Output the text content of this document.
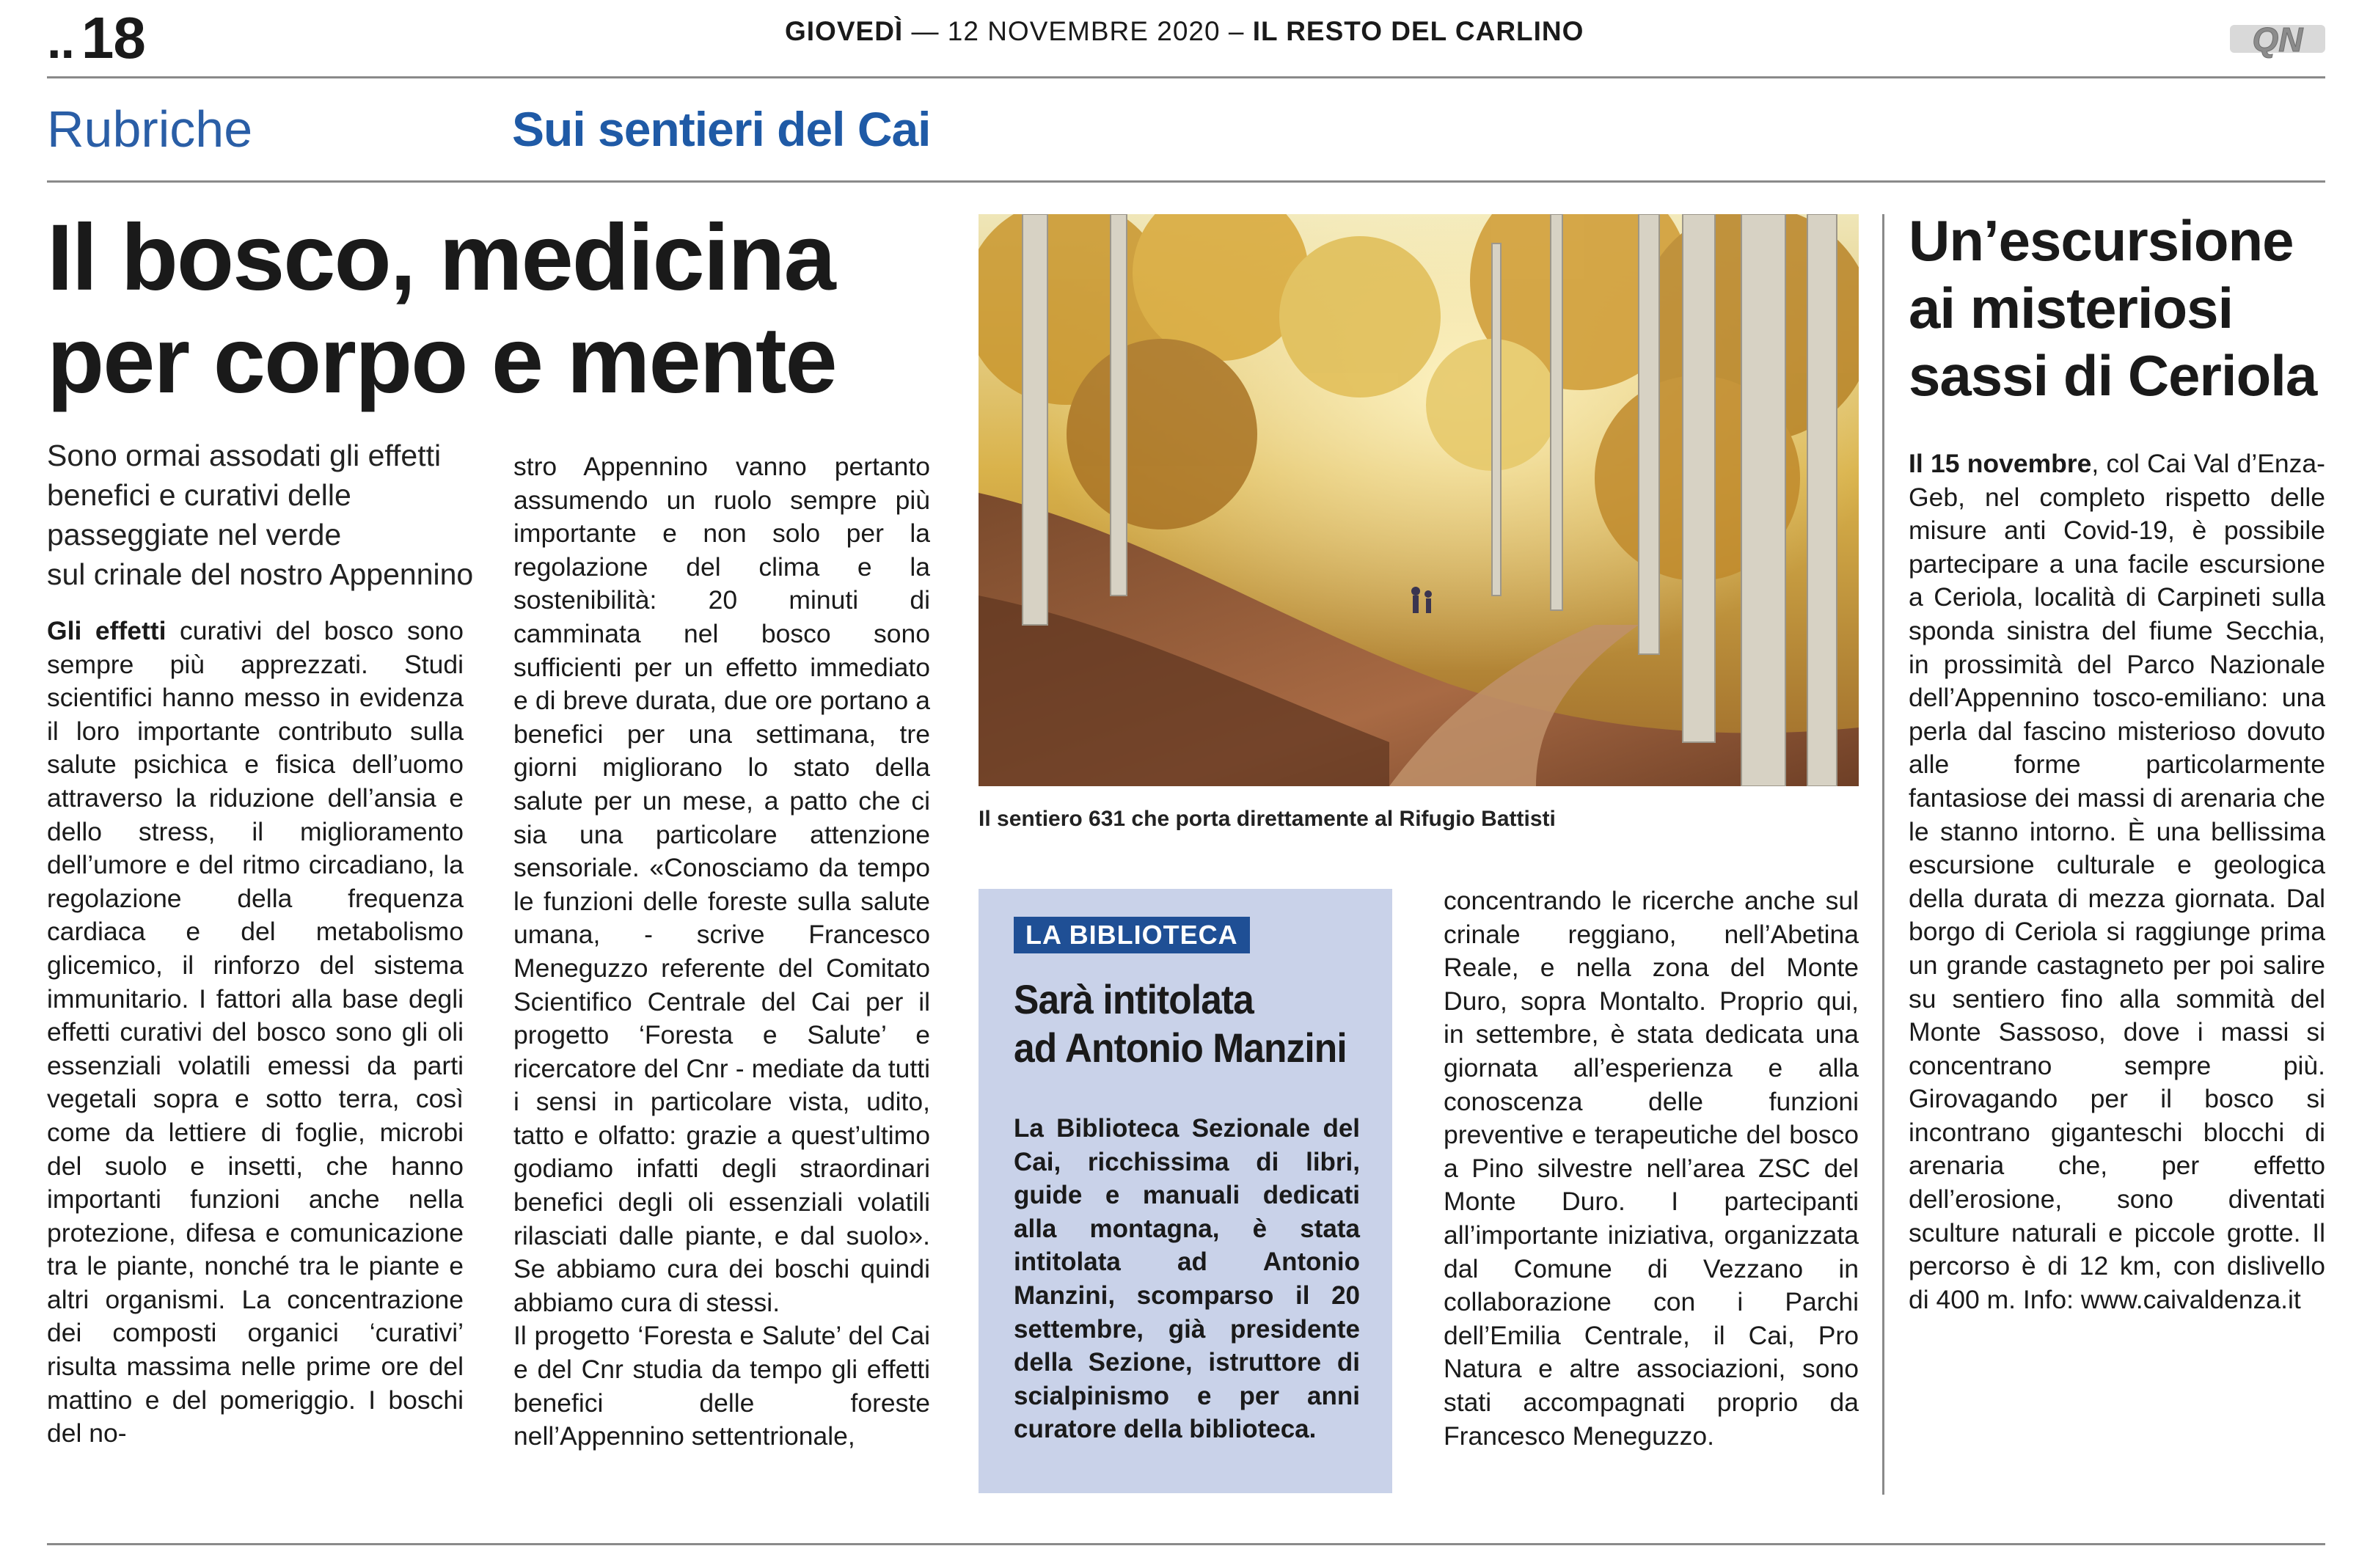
.. 18	GIOVEDÌ — 12 NOVEMBRE 2020 – IL RESTO DEL CARLINO	QN
Rubriche	Sui sentieri del Cai
Il bosco, medicina
per corpo e mente

Sono ormai assodati gli effetti

benefici e curativi delle

passeggiate nel verde

sul crinale del nostro Appennino

Gli effetti curativi del bosco sono sempre più apprezzati. Studi scientifici hanno messo in evidenza il loro importante contributo sulla salute psichica e fisica dell’uomo attraverso la riduzione dell’ansia e dello stress, il miglioramento dell’umore e del ritmo circadiano, la regolazione della frequenza cardiaca e del metabolismo glicemico, il rinforzo del sistema immunitario. I fattori alla base degli effetti curativi del bosco sono gli oli essenziali volatili emessi da parti vegetali sopra e sotto terra, così come da lettiere di foglie, microbi del suolo e insetti, che hanno importanti funzioni anche nella protezione, difesa e comunicazione tra le piante, nonché tra le piante e altri organismi. La concentrazione dei composti organici ‘curativi’ risulta massima nelle prime ore del mattino e del pomeriggio. I boschi del no-

stro Appennino vanno pertanto assumendo un ruolo sempre più importante e non solo per la regolazione del clima e la sostenibilità: 20 minuti di camminata nel bosco sono sufficienti per un effetto immediato e di breve durata, due ore portano a benefici per una settimana, tre giorni migliorano lo stato della salute per un mese, a patto che ci sia una particolare attenzione sensoriale. «Conosciamo da tempo le funzioni delle foreste sulla salute umana, - scrive Francesco Meneguzzo referente del Comitato Scientifico Centrale del Cai per il progetto ‘Foresta e Salute’ e ricercatore del Cnr - mediate da tutti i sensi in particolare vista, udito, tatto e olfatto: grazie a quest’ultimo godiamo infatti degli straordinari benefici degli oli essenziali volatili rilasciati dalle piante, e dal suolo». Se abbiamo cura dei boschi quindi abbiamo cura di stessi.

Il progetto ‘Foresta e Salute’ del Cai e del Cnr studia da tempo gli effetti benefici delle foreste nell’Appennino settentrionale,

concentrando le ricerche anche sul crinale reggiano, nell’Abetina Reale, e nella zona del Monte Duro, sopra Montalto. Proprio qui, in settembre, è stata dedicata una giornata all’esperienza e alla conoscenza delle funzioni preventive e terapeutiche del bosco a Pino silvestre nell’area ZSC del Monte Duro. I partecipanti all’importante iniziativa, organizzata dal Comune di Vezzano in collaborazione con i Parchi dell’Emilia Centrale, il Cai, Pro Natura e altre associazioni, sono stati accompagnati proprio da Francesco Meneguzzo.

Il sentiero 631 che porta direttamente al Rifugio Battisti
LA BIBLIOTECA
Sarà intitolata
ad Antonio Manzini

La Biblioteca Sezionale del Cai, ricchissima di libri, guide e manuali dedicati alla montagna, è stata intitolata ad Antonio Manzini, scomparso il 20 settembre, già presidente della Sezione, istruttore di scialpinismo e per anni curatore della biblioteca.

Un’escursione
ai misteriosi
sassi di Ceriola

Il 15 novembre, col Cai Val d’Enza-Geb, nel completo rispetto delle misure anti Covid-19, è possibile partecipare a una facile escursione a Ceriola, località di Carpineti sulla sponda sinistra del fiume Secchia, in prossimità del Parco Nazionale dell’Appennino tosco-emiliano: una perla dal fascino misterioso dovuto alle forme particolarmente fantasiose dei massi di arenaria che le stanno intorno. È una bellissima escursione culturale e geologica della durata di mezza giornata. Dal borgo di Ceriola si raggiunge prima un grande castagneto per poi salire su sentiero fino alla sommità del Monte Sassoso, dove i massi si concentrano sempre più. Girovagando per il bosco si incontrano giganteschi blocchi di arenaria che, per effetto dell’erosione, sono diventati sculture naturali e piccole grotte. Il percorso è di 12 km, con dislivello di 400 m. Info: www.caivaldenza.it
